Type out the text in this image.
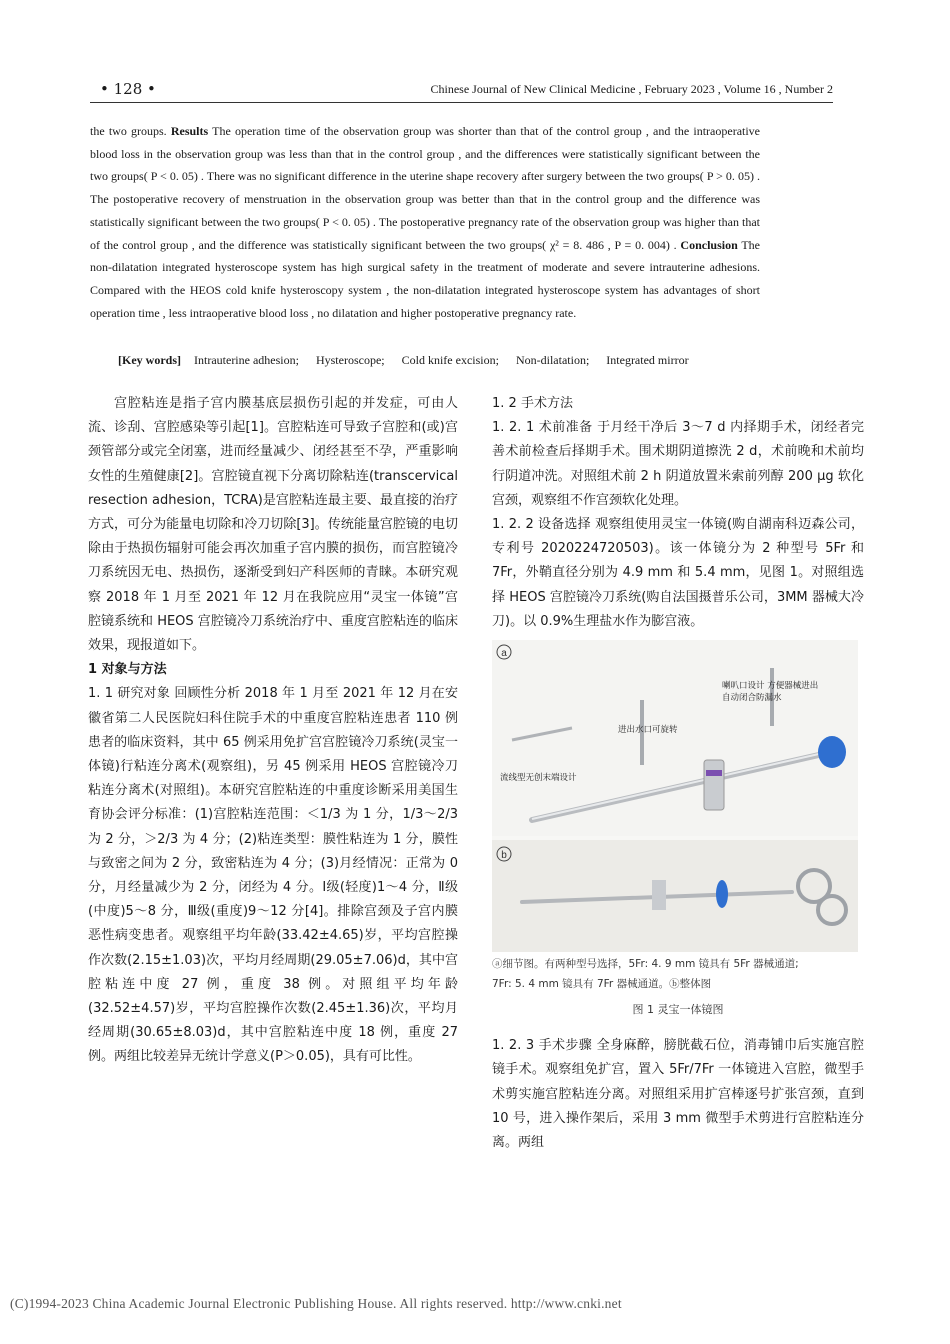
• 128 •	Chinese Journal of New Clinical Medicine , February 2023 , Volume 16 , Number 2
the two groups. Results The operation time of the observation group was shorter than that of the control group , and the intraoperative blood loss in the observation group was less than that in the control group , and the differences were statistically significant between the two groups( P < 0. 05) . There was no significant difference in the uterine shape recovery after surgery between the two groups( P > 0. 05) . The postoperative recovery of menstruation in the observation group was better than that in the control group and the difference was statistically significant between the two groups( P < 0. 05) . The postoperative pregnancy rate of the observation group was higher than that of the control group , and the difference was statistically significant between the two groups( χ² = 8. 486 , P = 0. 004) . Conclusion The non-dilatation integrated hysteroscope system has high surgical safety in the treatment of moderate and severe intrauterine adhesions. Compared with the HEOS cold knife hysteroscopy system , the non-dilatation integrated hysteroscope system has advantages of short operation time , less intraoperative blood loss , no dilatation and higher postoperative pregnancy rate.
[Key words] Intrauterine adhesion; Hysteroscope; Cold knife excision; Non-dilatation; Integrated mirror

宫腔粘连是指子宫内膜基底层损伤引起的并发症，可由人流、诊刮、宫腔感染等引起[1]。宫腔粘连可导致子宫腔和(或)宫颈管部分或完全闭塞，进而经量减少、闭经甚至不孕，严重影响女性的生殖健康[2]。宫腔镜直视下分离切除粘连(transcervical resection adhesion，TCRA)是宫腔粘连最主要、最直接的治疗方式，可分为能量电切除和冷刀切除[3]。传统能量宫腔镜的电切除由于热损伤辐射可能会再次加重子宫内膜的损伤，而宫腔镜冷刀系统因无电、热损伤，逐渐受到妇产科医师的青睐。本研究观察 2018 年 1 月至 2021 年 12 月在我院应用“灵宝一体镜”宫腔镜系统和 HEOS 宫腔镜冷刀系统治疗中、重度宫腔粘连的临床效果，现报道如下。

1 对象与方法

1. 1 研究对象 回顾性分析 2018 年 1 月至 2021 年 12 月在安徽省第二人民医院妇科住院手术的中重度宫腔粘连患者 110 例患者的临床资料，其中 65 例采用免扩宫宫腔镜冷刀系统(灵宝一体镜)行粘连分离术(观察组)，另 45 例采用 HEOS 宫腔镜冷刀粘连分离术(对照组)。本研究宫腔粘连的中重度诊断采用美国生育协会评分标准：(1)宫腔粘连范围：＜1/3 为 1 分，1/3～2/3 为 2 分，＞2/3 为 4 分；(2)粘连类型：膜性粘连为 1 分，膜性与致密之间为 2 分，致密粘连为 4 分；(3)月经情况：正常为 0 分，月经量减少为 2 分，闭经为 4 分。Ⅰ级(轻度)1～4 分，Ⅱ级(中度)5～8 分，Ⅲ级(重度)9～12 分[4]。排除宫颈及子宫内膜恶性病变患者。观察组平均年龄(33.42±4.65)岁，平均宫腔操作次数(2.15±1.03)次，平均月经周期(29.05±7.06)d，其中宫腔粘连中度 27 例，重度 38 例。对照组平均年龄(32.52±4.57)岁，平均宫腔操作次数(2.45±1.36)次，平均月经周期(30.65±8.03)d，其中宫腔粘连中度 18 例，重度 27 例。两组比较差异无统计学意义(P＞0.05)，具有可比性。

1. 2 手术方法

1. 2. 1 术前准备 于月经干净后 3～7 d 内择期手术，闭经者完善术前检查后择期手术。围术期阴道擦洗 2 d，术前晚和术前均行阴道冲洗。对照组术前 2 h 阴道放置米索前列醇 200 μg 软化宫颈，观察组不作宫颈软化处理。

1. 2. 2 设备选择 观察组使用灵宝一体镜(购自湖南科迈森公司，专利号 2020224720503)。该一体镜分为 2 种型号 5Fr 和 7Fr，外鞘直径分别为 4.9 mm 和 5.4 mm，见图 1。对照组选择 HEOS 宫腔镜冷刀系统(购自法国摄普乐公司，3MM 器械大冷刀)。以 0.9%生理盐水作为膨宫液。

a
喇叭口设计 方便器械进出
自动闭合防漏水
进出水口可旋转
流线型无创末端设计
b
ⓐ细节图。有两种型号选择，5Fr: 4. 9 mm 镜具有 5Fr 器械通道;
7Fr: 5. 4 mm 镜具有 7Fr 器械通道。ⓑ整体图
图 1 灵宝一体镜图

1. 2. 3 手术步骤 全身麻醉，膀胱截石位，消毒铺巾后实施宫腔镜手术。观察组免扩宫，置入 5Fr/7Fr 一体镜进入宫腔，微型手术剪实施宫腔粘连分离。对照组采用扩宫棒逐号扩张宫颈，直到 10 号，进入操作架后，采用 3 mm 微型手术剪进行宫腔粘连分离。两组

(C)1994-2023 China Academic Journal Electronic Publishing House. All rights reserved. http://www.cnki.net
